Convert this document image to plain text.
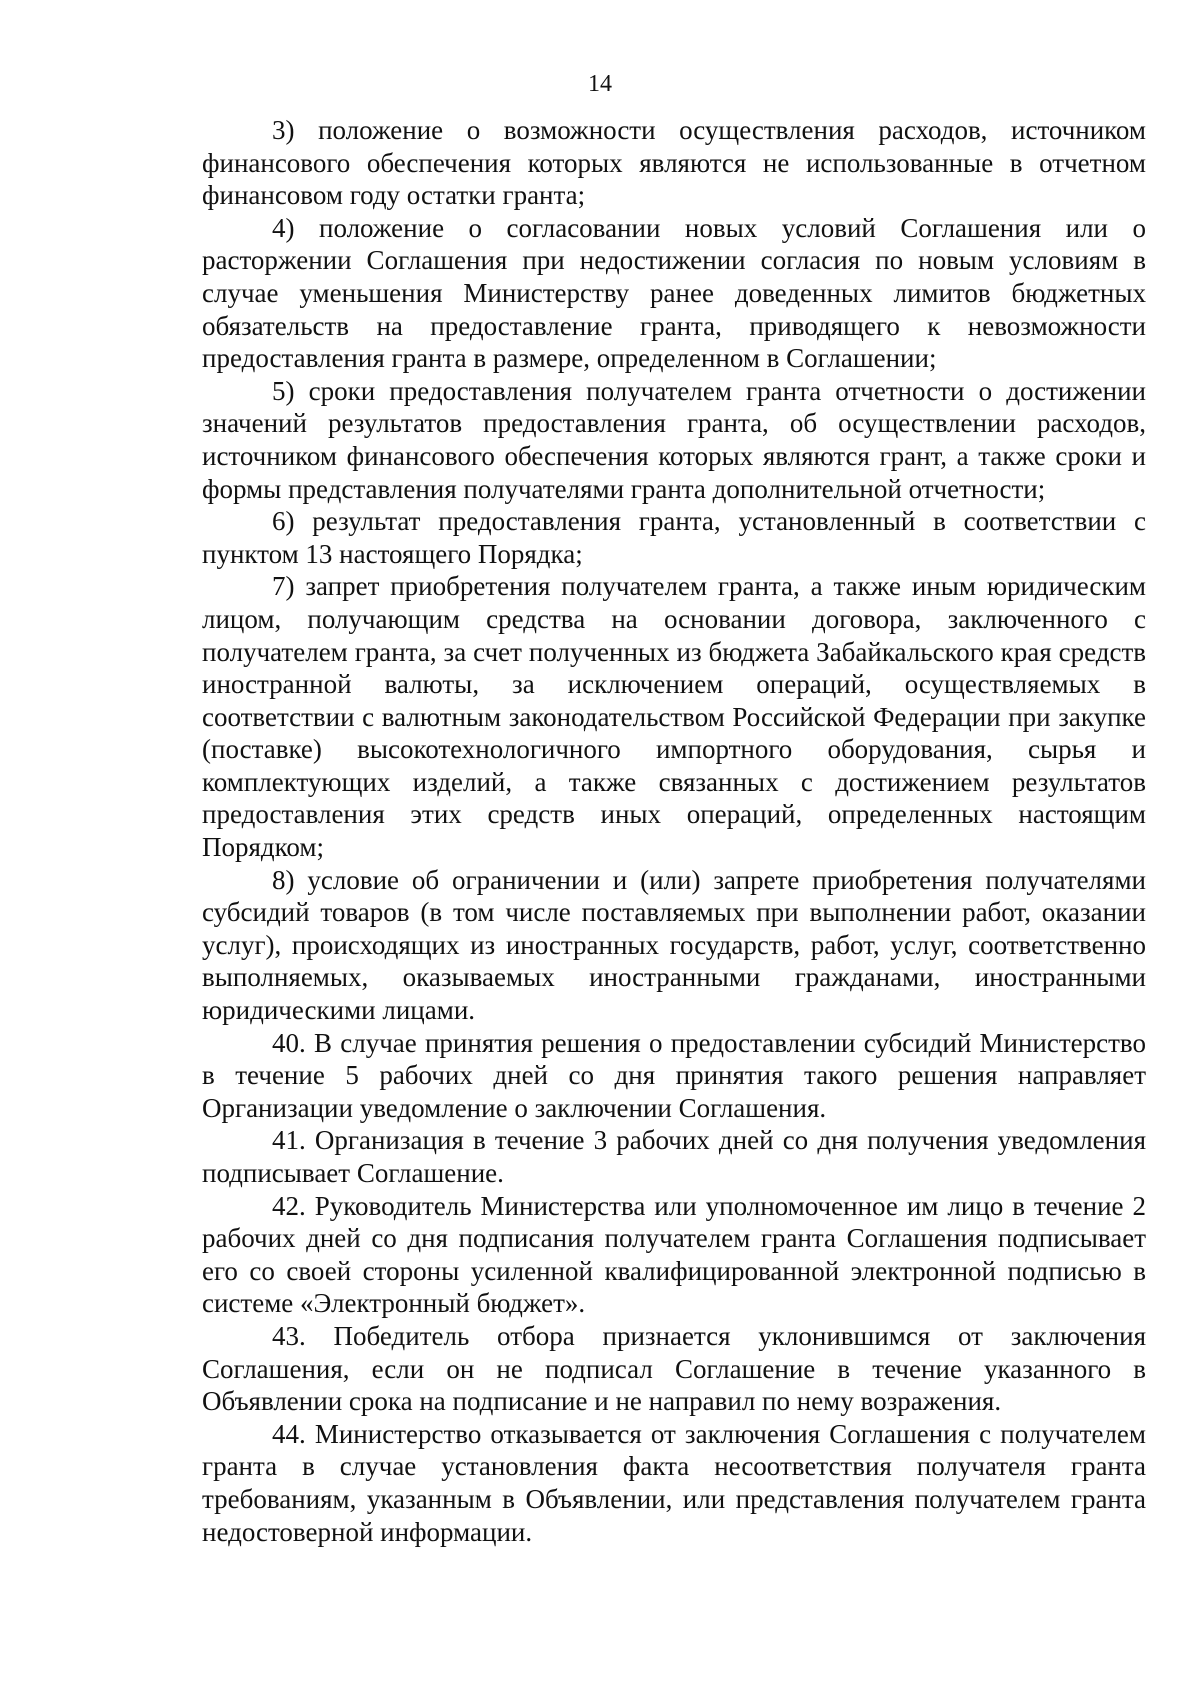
14

3) положение о возможности осуществления расходов, источником финансового обеспечения которых являются не использованные в отчетном финансовом году остатки гранта;

4) положение о согласовании новых условий Соглашения или о расторжении Соглашения при недостижении согласия по новым условиям в случае уменьшения Министерству ранее доведенных лимитов бюджетных обязательств на предоставление гранта, приводящего к невозможности предоставления гранта в размере, определенном в Соглашении;

5) сроки предоставления получателем гранта отчетности о достижении значений результатов предоставления гранта, об осуществлении расходов, источником финансового обеспечения которых являются грант, а также сроки и формы представления получателями гранта дополнительной отчетности;

6) результат предоставления гранта, установленный в соответствии с пунктом 13 настоящего Порядка;

7) запрет приобретения получателем гранта, а также иным юридическим лицом, получающим средства на основании договора, заключенного с получателем гранта, за счет полученных из бюджета Забайкальского края средств иностранной валюты, за исключением операций, осуществляемых в соответствии с валютным законодательством Российской Федерации при закупке (поставке) высокотехнологичного импортного оборудования, сырья и комплектующих изделий, а также связанных с достижением результатов предоставления этих средств иных операций, определенных настоящим Порядком;

8) условие об ограничении и (или) запрете приобретения получателями субсидий товаров (в том числе поставляемых при выполнении работ, оказании услуг), происходящих из иностранных государств, работ, услуг, соответственно выполняемых, оказываемых иностранными гражданами, иностранными юридическими лицами.

40. В случае принятия решения о предоставлении субсидий Министерство в течение 5 рабочих дней со дня принятия такого решения направляет Организации уведомление о заключении Соглашения.

41. Организация в течение 3 рабочих дней со дня получения уведомления подписывает Соглашение.

42. Руководитель Министерства или уполномоченное им лицо в течение 2 рабочих дней со дня подписания получателем гранта Соглашения подписывает его со своей стороны усиленной квалифицированной электронной подписью в системе «Электронный бюджет».

43. Победитель отбора признается уклонившимся от заключения Соглашения, если он не подписал Соглашение в течение указанного в Объявлении срока на подписание и не направил по нему возражения.

44. Министерство отказывается от заключения Соглашения с получателем гранта в случае установления факта несоответствия получателя гранта требованиям, указанным в Объявлении, или представления получателем гранта недостоверной информации.
